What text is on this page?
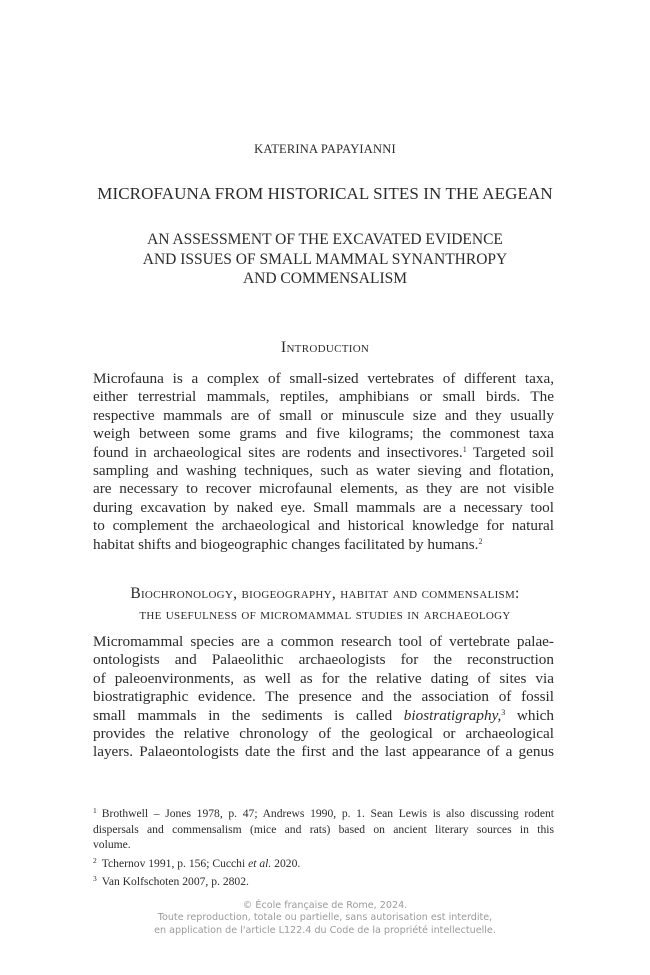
KATERINA PAPAYIANNI
MICROFAUNA FROM HISTORICAL SITES IN THE AEGEAN
AN ASSESSMENT OF THE EXCAVATED EVIDENCE
AND ISSUES OF SMALL MAMMAL SYNANTHROPY
AND COMMENSALISM
Introduction
Microfauna is a complex of small-sized vertebrates of different taxa,
either terrestrial mammals, reptiles, amphibians or small birds. The
respective mammals are of small or minuscule size and they usually
weigh between some grams and five kilograms; the commonest taxa
found in archaeological sites are rodents and insectivores.$^1$ Targeted soil
sampling and washing techniques, such as water sieving and flotation,
are necessary to recover microfaunal elements, as they are not visible
during excavation by naked eye. Small mammals are a necessary tool
to complement the archaeological and historical knowledge for natural
habitat shifts and biogeographic changes facilitated by humans.$^2$
Biochronology, biogeography, habitat and commensalism:
the usefulness of micromammal studies in archaeology
Micromammal species are a common research tool of vertebrate palae-
ontologists and Palaeolithic archaeologists for the reconstruction
of paleoenvironments, as well as for the relative dating of sites via
biostratigraphic evidence. The presence and the association of fossil
small mammals in the sediments is called biostratigraphy,$^3$ which
provides the relative chronology of the geological or archaeological
layers. Palaeontologists date the first and the last appearance of a genus
$^1$ Brothwell – Jones 1978, p. 47; Andrews 1990, p. 1. Sean Lewis is also discussing rodent
dispersals and commensalism (mice and rats) based on ancient literary sources in this
volume.
$^2$ Tchernov 1991, p. 156; Cucchi et al. 2020.
$^3$ Van Kolfschoten 2007, p. 2802.
© École française de Rome, 2024.
Toute reproduction, totale ou partielle, sans autorisation est interdite,
en application de l'article L122.4 du Code de la propriété intellectuelle.
